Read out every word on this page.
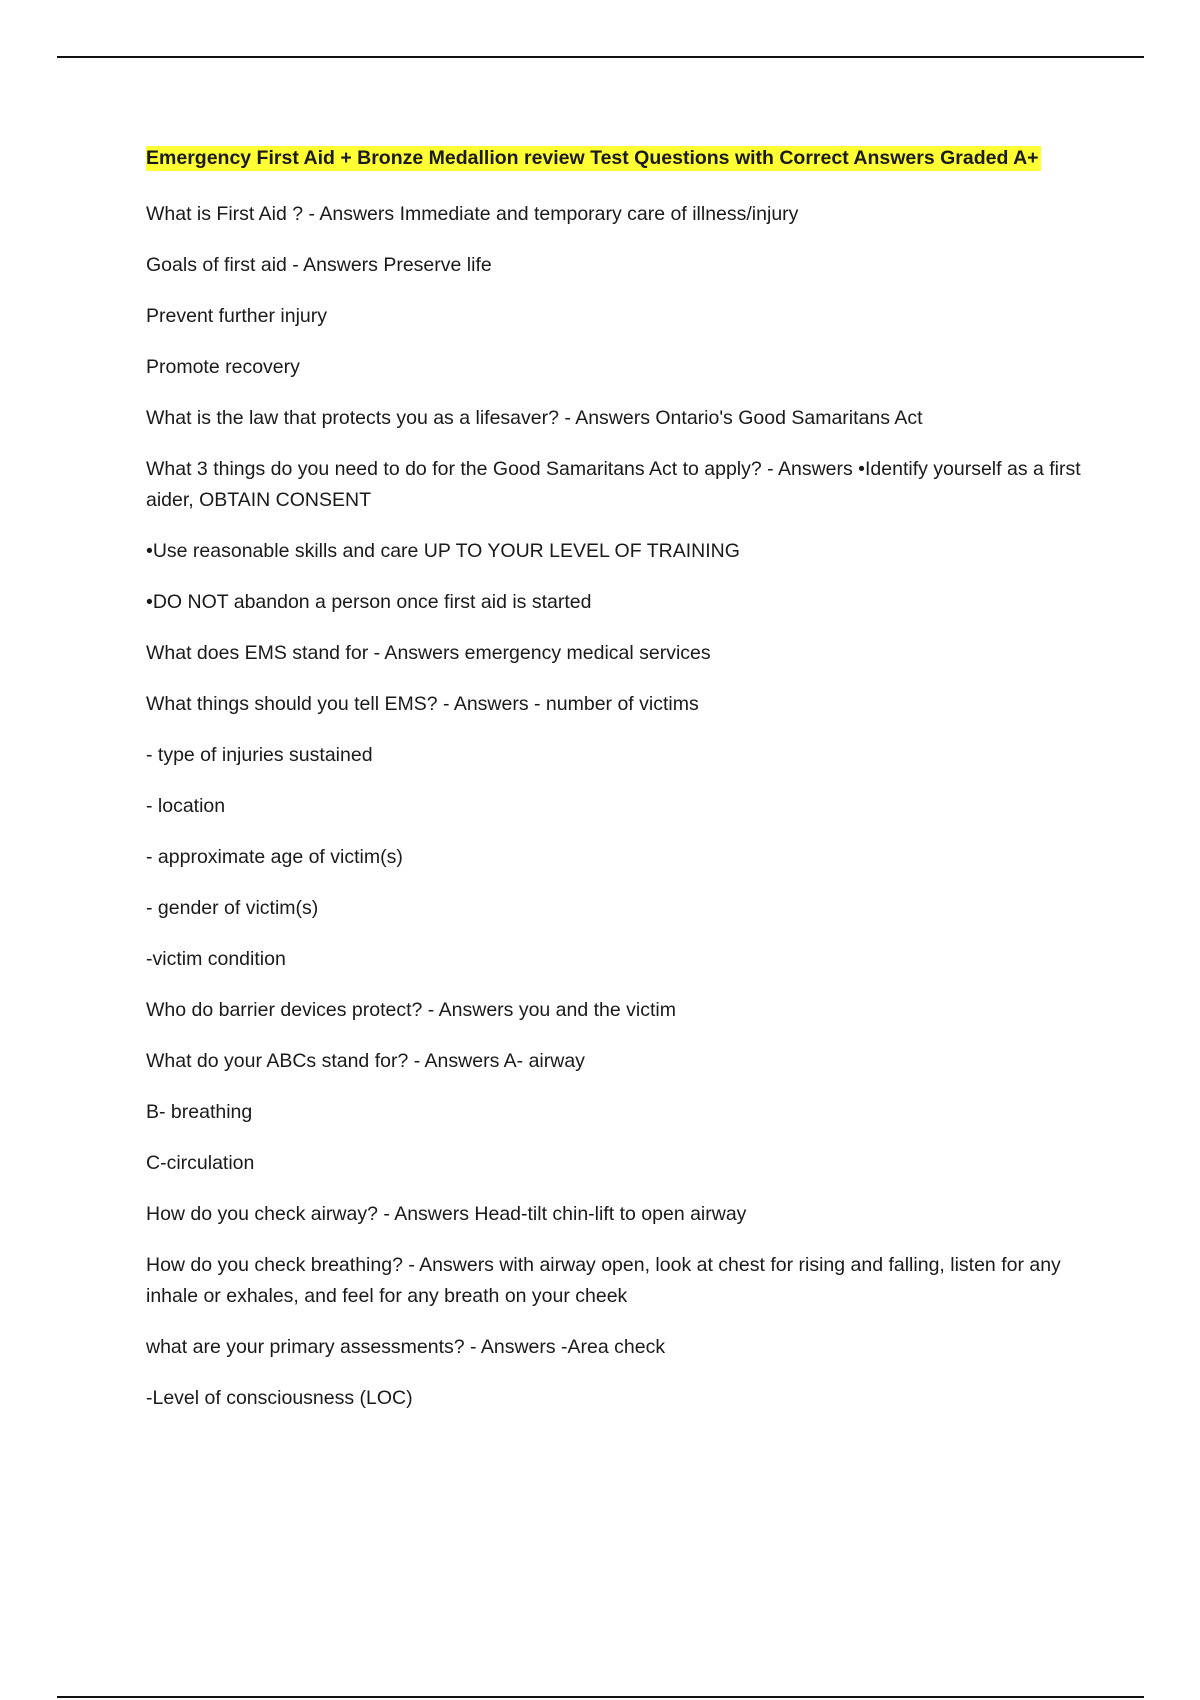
Emergency First Aid + Bronze Medallion review Test Questions with Correct Answers Graded A+

What is First Aid ? - Answers Immediate and temporary care of illness/injury

Goals of first aid - Answers Preserve life

Prevent further injury

Promote recovery

What is the law that protects you as a lifesaver? - Answers Ontario's Good Samaritans Act

What 3 things do you need to do for the Good Samaritans Act to apply? - Answers •Identify yourself as a first aider, OBTAIN CONSENT

•Use reasonable skills and care UP TO YOUR LEVEL OF TRAINING

•DO NOT abandon a person once first aid is started

What does EMS stand for - Answers emergency medical services

What things should you tell EMS? - Answers - number of victims

- type of injuries sustained

- location

- approximate age of victim(s)

- gender of victim(s)

-victim condition

Who do barrier devices protect? - Answers you and the victim

What do your ABCs stand for? - Answers A- airway

B- breathing

C-circulation

How do you check airway? - Answers Head-tilt chin-lift to open airway

How do you check breathing? - Answers with airway open, look at chest for rising and falling, listen for any inhale or exhales, and feel for any breath on your cheek

what are your primary assessments? - Answers -Area check

-Level of consciousness (LOC)
